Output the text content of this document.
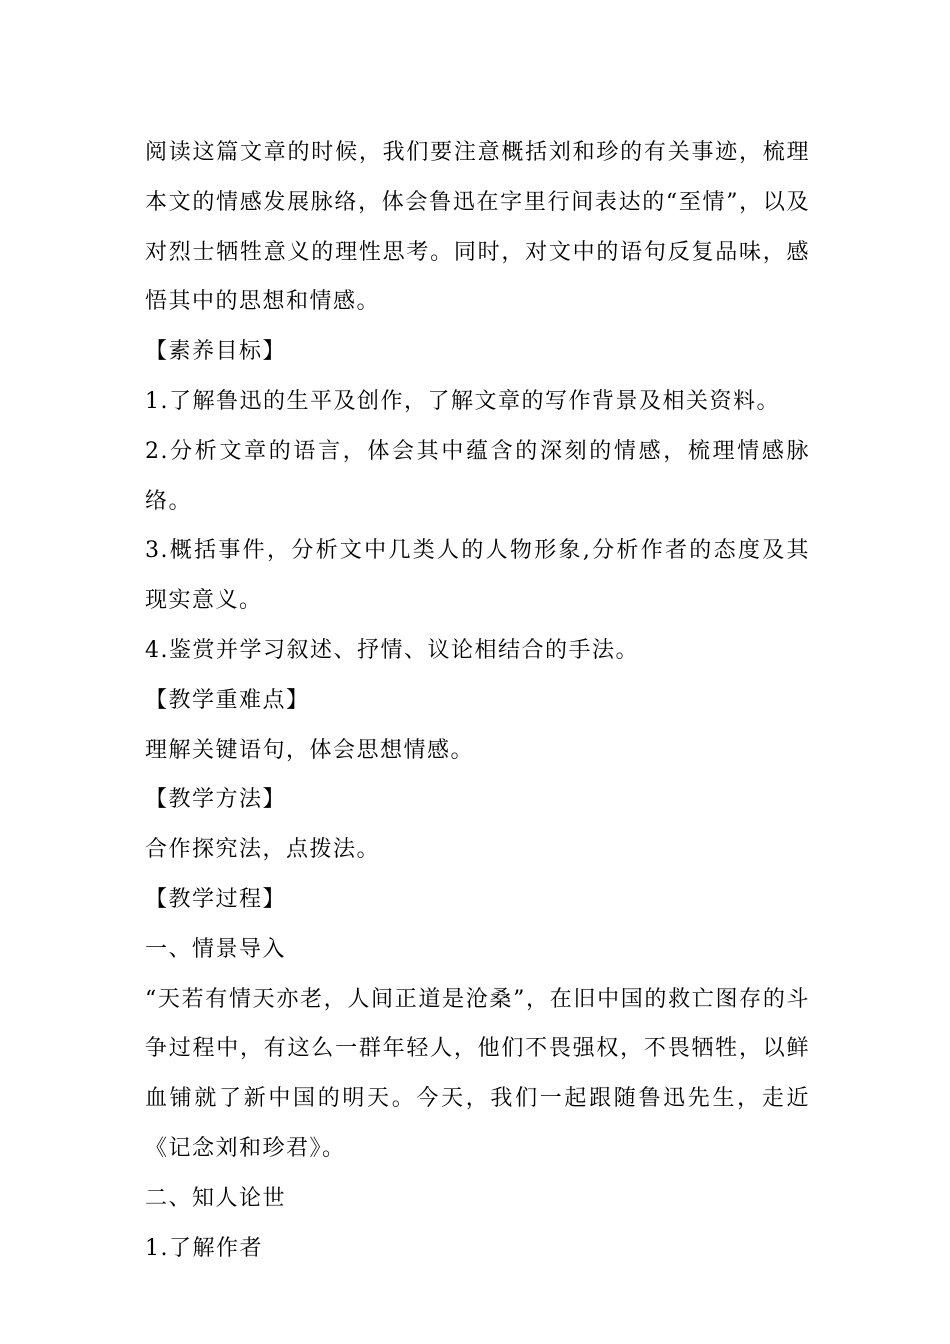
阅读这篇文章的时候，我们要注意概括刘和珍的有关事迹，梳理本文的情感发展脉络，体会鲁迅在字里行间表达的“至情”，以及对烈士牺牲意义的理性思考。同时，对文中的语句反复品味，感悟其中的思想和情感。

【素养目标】

1.了解鲁迅的生平及创作，了解文章的写作背景及相关资料。

2.分析文章的语言，体会其中蕴含的深刻的情感，梳理情感脉络。

3.概括事件，分析文中几类人的人物形象,分析作者的态度及其现实意义。

4.鉴赏并学习叙述、抒情、议论相结合的手法。

【教学重难点】

理解关键语句，体会思想情感。

【教学方法】

合作探究法，点拨法。

【教学过程】

一、情景导入

“天若有情天亦老，人间正道是沧桑”，在旧中国的救亡图存的斗争过程中，有这么一群年轻人，他们不畏强权，不畏牺牲，以鲜血铺就了新中国的明天。今天，我们一起跟随鲁迅先生，走近《记念刘和珍君》。

二、知人论世

1.了解作者
